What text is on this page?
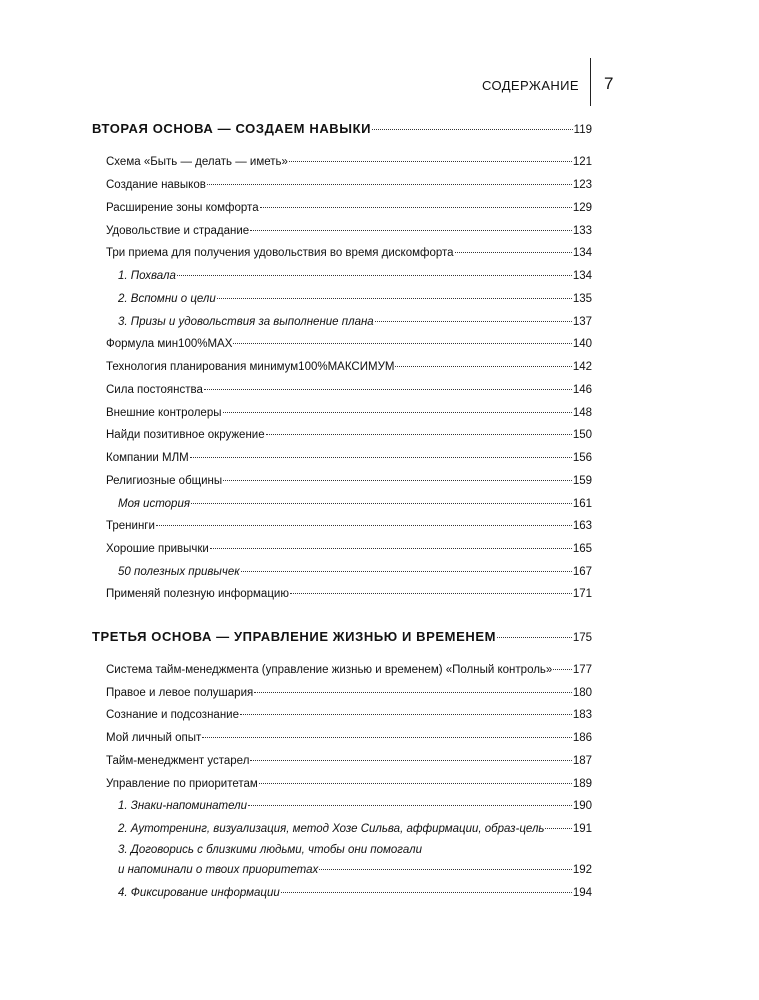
СОДЕРЖАНИЕ 7
ВТОРАЯ ОСНОВА — СОЗДАЕМ НАВЫКИ	119
Схема «Быть — делать — иметь»	121
Создание навыков	123
Расширение зоны комфорта	129
Удовольствие и страдание	133
Три приема для получения удовольствия во время дискомфорта	134
1. Похвала	134
2. Вспомни о цели	135
3. Призы и удовольствия за выполнение плана	137
Формула мин100%MAX	140
Технология планирования минимум100%МАКСИМУМ	142
Сила постоянства	146
Внешние контролеры	148
Найди позитивное окружение	150
Компании МЛМ	156
Религиозные общины	159
Моя история	161
Тренинги	163
Хорошие привычки	165
50 полезных привычек	167
Применяй полезную информацию	171
ТРЕТЬЯ ОСНОВА — УПРАВЛЕНИЕ ЖИЗНЬЮ И ВРЕМЕНЕМ	175
Система тайм-менеджмента (управление жизнью и временем) «Полный контроль» 177
Правое и левое полушария	180
Сознание и подсознание	183
Мой личный опыт	186
Тайм-менеджмент устарел	187
Управление по приоритетам	189
1. Знаки-напоминатели	190
2. Аутотренинг, визуализация, метод Хозе Сильва, аффирмации, образ-цель 191
3. Договорись с близкими людьми, чтобы они помогали
и напоминали о твоих приоритетах	192
4. Фиксирование информации	194
